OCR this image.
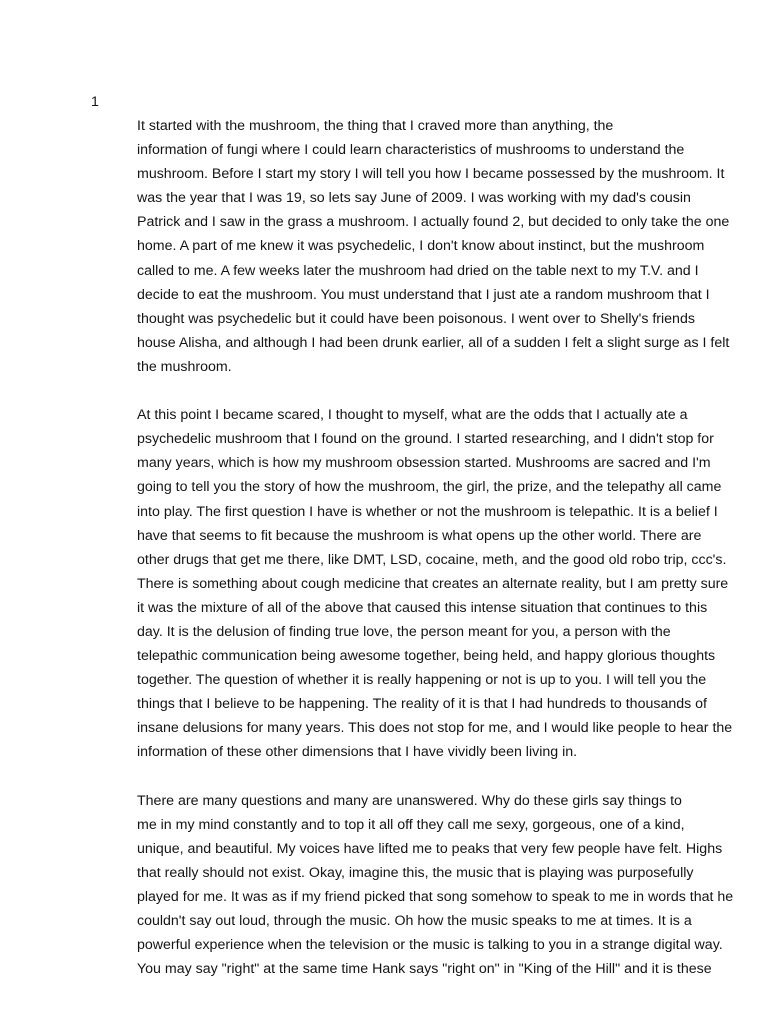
1

It started with the mushroom, the thing that I craved more than anything, the
information of fungi where I could learn characteristics of mushrooms to understand the
mushroom. Before I start my story I will tell you how I became possessed by the mushroom. It
was the year that I was 19, so lets say June of 2009. I was working with my dad's cousin
Patrick and I saw in the grass a mushroom. I actually found 2, but decided to only take the one
home. A part of me knew it was psychedelic, I don't know about instinct, but the mushroom
called to me. A few weeks later the mushroom had dried on the table next to my T.V. and I
decide to eat the mushroom. You must understand that I just ate a random mushroom that I
thought was psychedelic but it could have been poisonous. I went over to Shelly's friends
house Alisha, and although I had been drunk earlier, all of a sudden I felt a slight surge as I felt
the mushroom.

At this point I became scared, I thought to myself, what are the odds that I actually ate a
psychedelic mushroom that I found on the ground. I started researching, and I didn't stop for
many years, which is how my mushroom obsession started. Mushrooms are sacred and I'm
going to tell you the story of how the mushroom, the girl, the prize, and the telepathy all came
into play. The first question I have is whether or not the mushroom is telepathic. It is a belief I
have that seems to fit because the mushroom is what opens up the other world. There are
other drugs that get me there, like DMT, LSD, cocaine, meth, and the good old robo trip, ccc's.
There is something about cough medicine that creates an alternate reality, but I am pretty sure
it was the mixture of all of the above that caused this intense situation that continues to this
day. It is the delusion of finding true love, the person meant for you, a person with the
telepathic communication being awesome together, being held, and happy glorious thoughts
together. The question of whether it is really happening or not is up to you. I will tell you the
things that I believe to be happening. The reality of it is that I had hundreds to thousands of
insane delusions for many years. This does not stop for me, and I would like people to hear the
information of these other dimensions that I have vividly been living in.

There are many questions and many are unanswered. Why do these girls say things to
me in my mind constantly and to top it all off they call me sexy, gorgeous, one of a kind,
unique, and beautiful. My voices have lifted me to peaks that very few people have felt. Highs
that really should not exist. Okay, imagine this, the music that is playing was purposefully
played for me. It was as if my friend picked that song somehow to speak to me in words that he
couldn't say out loud, through the music. Oh how the music speaks to me at times. It is a
powerful experience when the television or the music is talking to you in a strange digital way.
You may say "right" at the same time Hank says "right on" in "King of the Hill" and it is these
